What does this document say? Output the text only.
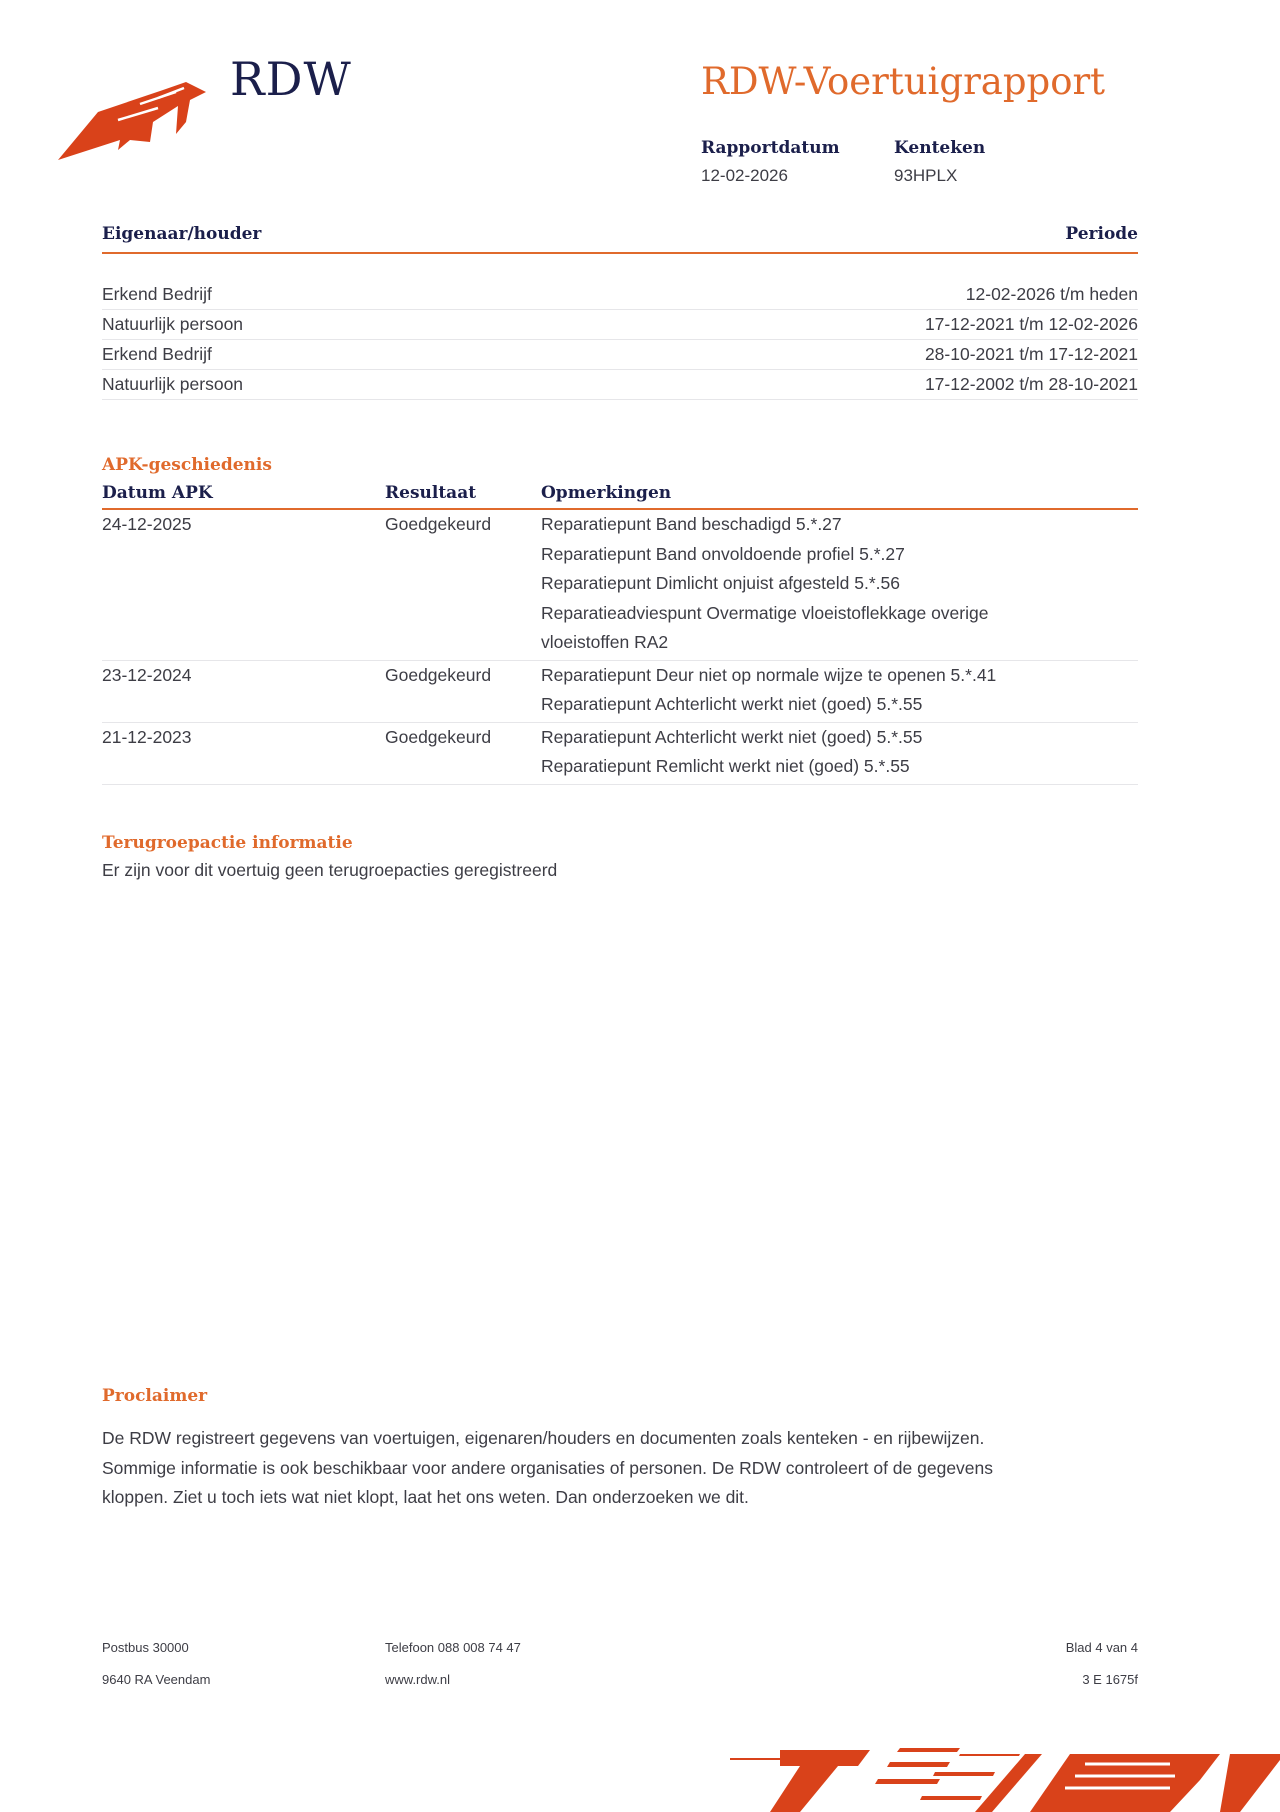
RDW	RDW-Voertuigrapport
Rapportdatum
12-02-2026
Kenteken
93HPLX
Eigenaar/houder	Periode
Erkend Bedrijf	12-02-2026 t/m heden
Natuurlijk persoon	17-12-2021 t/m 12-02-2026
Erkend Bedrijf	28-10-2021 t/m 17-12-2021
Natuurlijk persoon	17-12-2002 t/m 28-10-2021
APK-geschiedenis
Datum APK	Resultaat	Opmerkingen
24-12-2025	Goedgekeurd	Reparatiepunt Band beschadigd 5.*.27
Reparatiepunt Band onvoldoende profiel 5.*.27
Reparatiepunt Dimlicht onjuist afgesteld 5.*.56
Reparatieadviespunt Overmatige vloeistoflekkage overige
vloeistoffen RA2
23-12-2024	Goedgekeurd	Reparatiepunt Deur niet op normale wijze te openen 5.*.41
Reparatiepunt Achterlicht werkt niet (goed) 5.*.55
21-12-2023	Goedgekeurd	Reparatiepunt Achterlicht werkt niet (goed) 5.*.55
Reparatiepunt Remlicht werkt niet (goed) 5.*.55
Terugroepactie informatie
Er zijn voor dit voertuig geen terugroepacties geregistreerd
Proclaimer
De RDW registreert gegevens van voertuigen, eigenaren/houders en documenten zoals kenteken - en rijbewijzen.
Sommige informatie is ook beschikbaar voor andere organisaties of personen. De RDW controleert of de gegevens
kloppen. Ziet u toch iets wat niet klopt, laat het ons weten. Dan onderzoeken we dit.
Postbus 30000
9640 RA Veendam
Telefoon 088 008 74 47
www.rdw.nl
Blad 4 van 4
3 E 1675f
